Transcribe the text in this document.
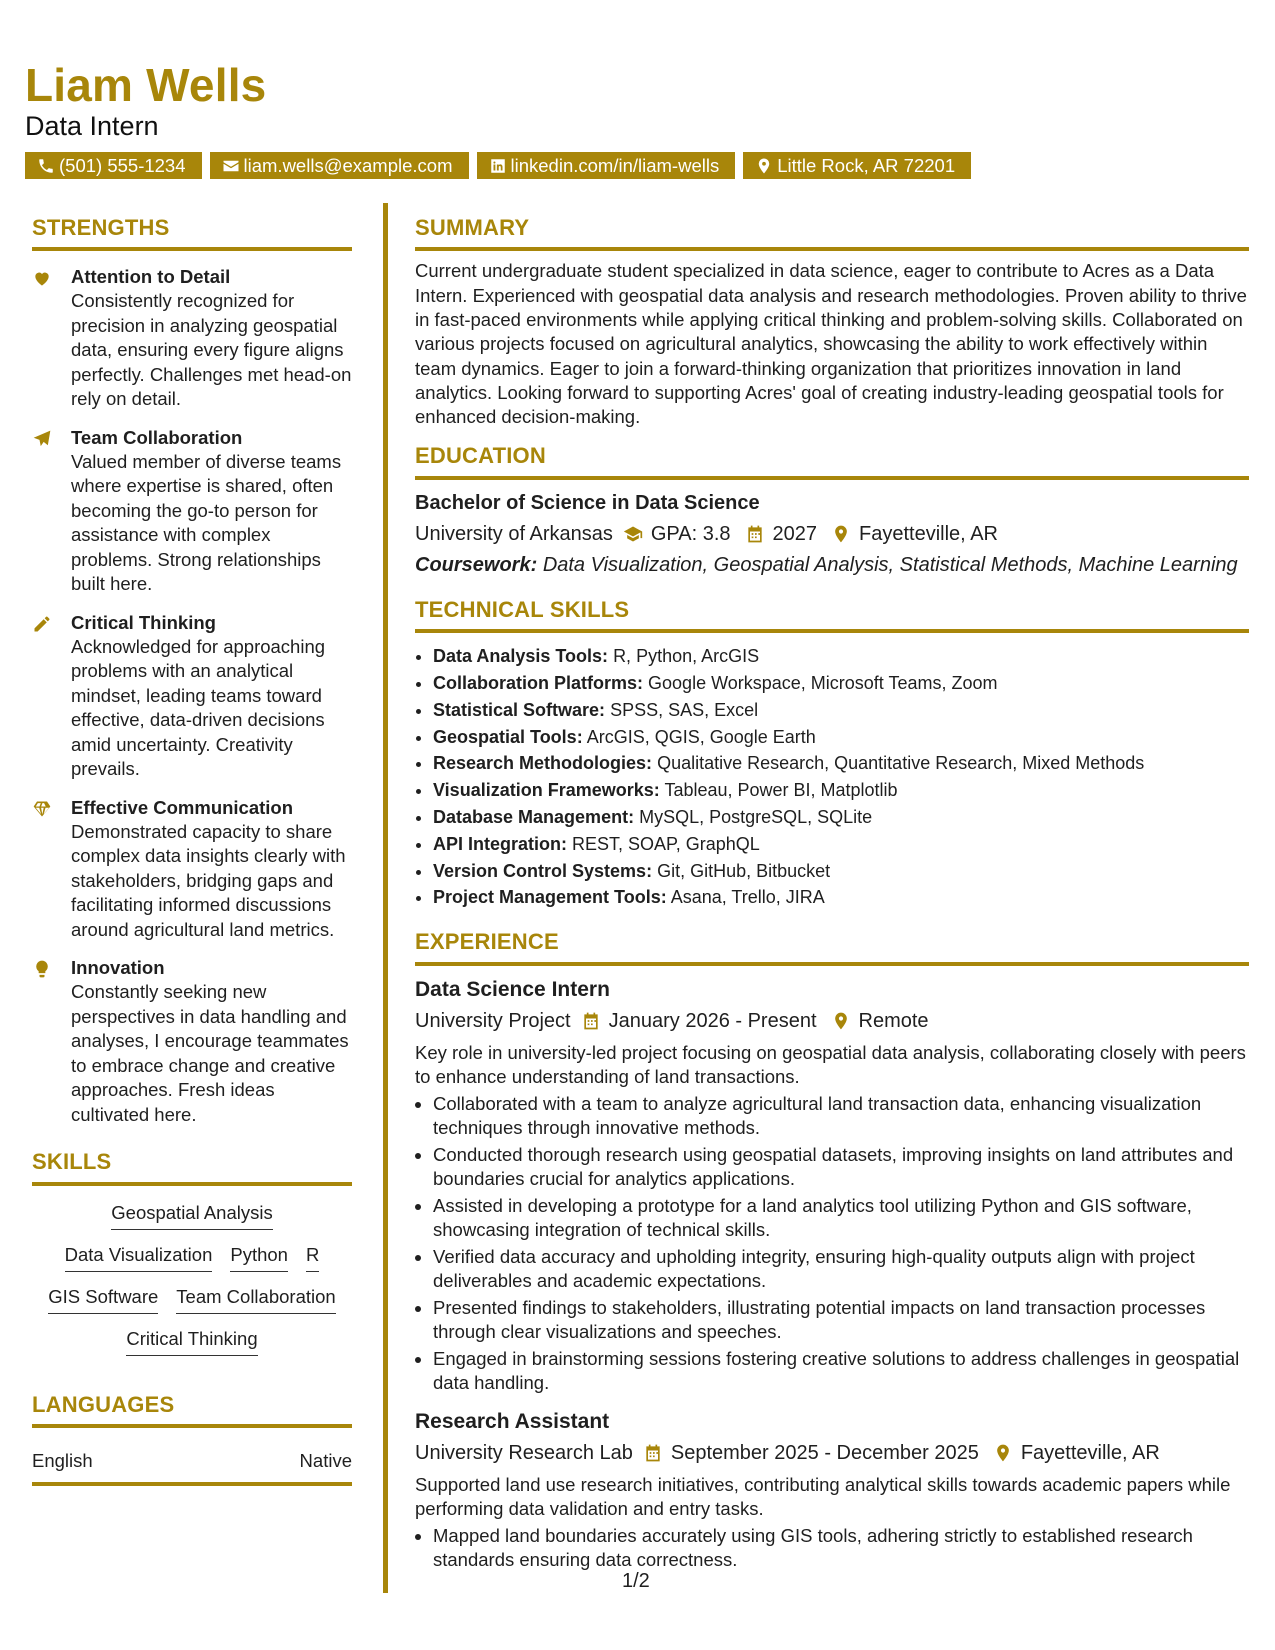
Liam Wells
Data Intern
(501) 555-1234	liam.wells@example.com	linkedin.com/in/liam-wells	Little Rock, AR 72201
STRENGTHS
Attention to Detail
Consistently recognized for precision in analyzing geospatial data, ensuring every figure aligns perfectly. Challenges met head-on rely on detail.
Team Collaboration
Valued member of diverse teams where expertise is shared, often becoming the go-to person for assistance with complex problems. Strong relationships built here.
Critical Thinking
Acknowledged for approaching problems with an analytical mindset, leading teams toward effective, data-driven decisions amid uncertainty. Creativity prevails.
Effective Communication
Demonstrated capacity to share complex data insights clearly with stakeholders, bridging gaps and facilitating informed discussions around agricultural land metrics.
Innovation
Constantly seeking new perspectives in data handling and analyses, I encourage teammates to embrace change and creative approaches. Fresh ideas cultivated here.
SKILLS
Geospatial Analysis
Data Visualization Python R
GIS Software Team Collaboration
Critical Thinking
LANGUAGES
English	Native
SUMMARY
Current undergraduate student specialized in data science, eager to contribute to Acres as a Data Intern. Experienced with geospatial data analysis and research methodologies. Proven ability to thrive in fast-paced environments while applying critical thinking and problem-solving skills. Collaborated on various projects focused on agricultural analytics, showcasing the ability to work effectively within team dynamics. Eager to join a forward-thinking organization that prioritizes innovation in land analytics. Looking forward to supporting Acres' goal of creating industry-leading geospatial tools for enhanced decision-making.
EDUCATION
Bachelor of Science in Data Science
University of Arkansas GPA: 3.8 2027 Fayetteville, AR
Coursework: Data Visualization, Geospatial Analysis, Statistical Methods, Machine Learning
TECHNICAL SKILLS
• Data Analysis Tools: R, Python, ArcGIS
• Collaboration Platforms: Google Workspace, Microsoft Teams, Zoom
• Statistical Software: SPSS, SAS, Excel
• Geospatial Tools: ArcGIS, QGIS, Google Earth
• Research Methodologies: Qualitative Research, Quantitative Research, Mixed Methods
• Visualization Frameworks: Tableau, Power BI, Matplotlib
• Database Management: MySQL, PostgreSQL, SQLite
• API Integration: REST, SOAP, GraphQL
• Version Control Systems: Git, GitHub, Bitbucket
• Project Management Tools: Asana, Trello, JIRA
EXPERIENCE
Data Science Intern
University Project January 2026 - Present Remote
Key role in university-led project focusing on geospatial data analysis, collaborating closely with peers to enhance understanding of land transactions.
• Collaborated with a team to analyze agricultural land transaction data, enhancing visualization techniques through innovative methods.
• Conducted thorough research using geospatial datasets, improving insights on land attributes and boundaries crucial for analytics applications.
• Assisted in developing a prototype for a land analytics tool utilizing Python and GIS software, showcasing integration of technical skills.
• Verified data accuracy and upholding integrity, ensuring high-quality outputs align with project deliverables and academic expectations.
• Presented findings to stakeholders, illustrating potential impacts on land transaction processes through clear visualizations and speeches.
• Engaged in brainstorming sessions fostering creative solutions to address challenges in geospatial data handling.
Research Assistant
University Research Lab September 2025 - December 2025 Fayetteville, AR
Supported land use research initiatives, contributing analytical skills towards academic papers while performing data validation and entry tasks.
• Mapped land boundaries accurately using GIS tools, adhering strictly to established research standards ensuring data correctness.
1/2
